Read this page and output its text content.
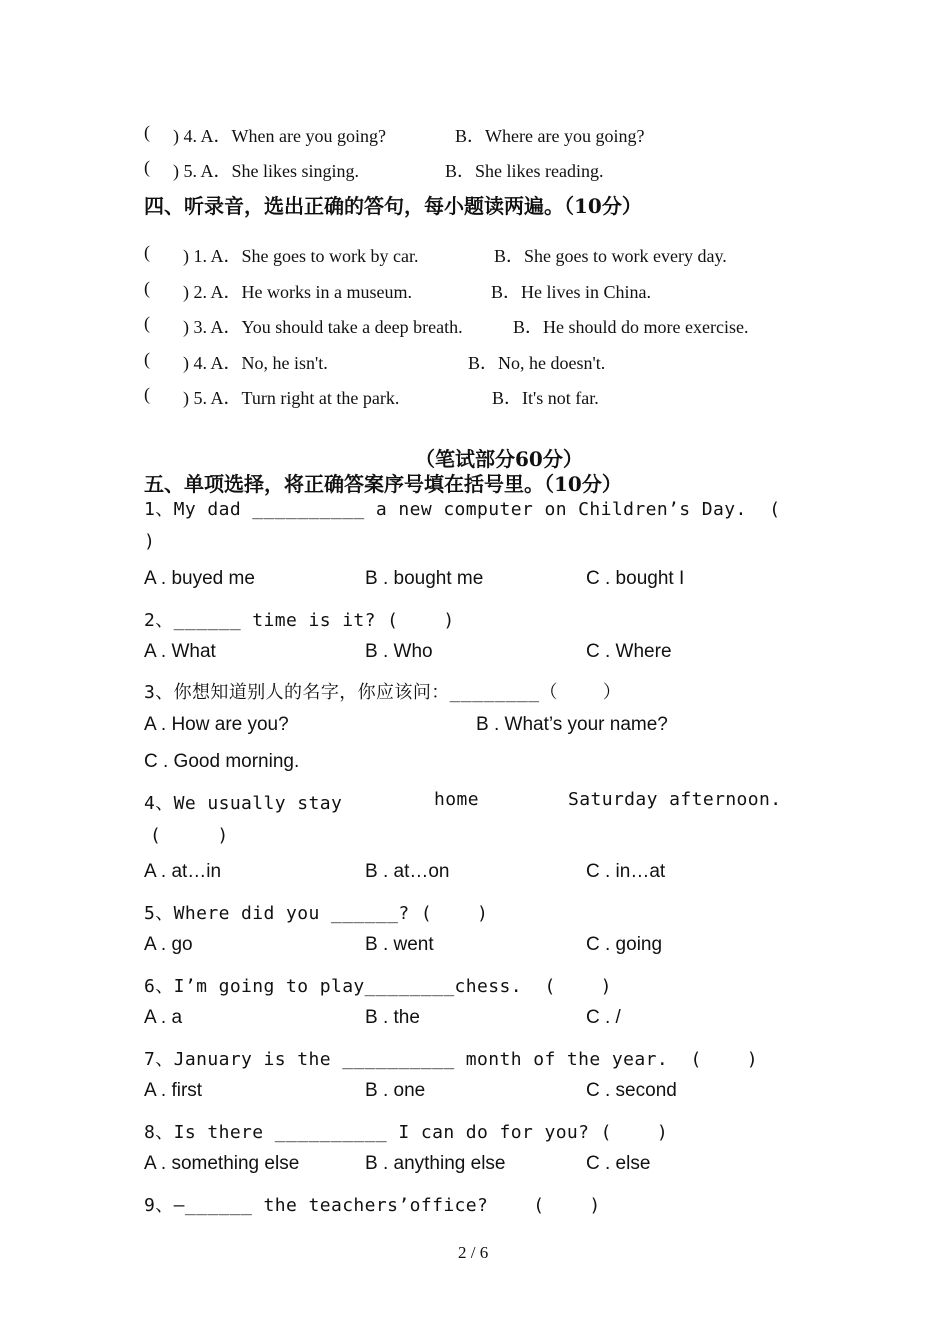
( ) 4. A．When are you going?	B．Where are you going?
( ) 5. A．She likes singing.	B．She likes reading.
四、听录音，选出正确的答句，每小题读两遍。（10分）
( ) 1. A．She goes to work by car.	B．She goes to work every day.
( ) 2. A．He works in a museum.	B．He lives in China.
( ) 3. A．You should take a deep breath.	B．He should do more exercise.
( ) 4. A．No, he isn't.	B．No, he doesn't.
( ) 5. A．Turn right at the park.	B．It's not far.
（笔试部分60分）
五、单项选择，将正确答案序号填在括号里。（10分）
1、My dad __________ a new computer on Children’s Day.  (
)
A . buyed me	B . bought me	C . bought I
2、______ time is it? (    )
A . What	B . Who	C . Where
3、你想知道别人的名字，你应该问：________（    ）
A . How are you?	B . What’s your name?
C . Good morning.
4、We usually stay	home	Saturday afternoon.
(     )
A . at…in	B . at…on	C . in…at
5、Where did you ______? (    )
A . go	B . went	C . going
6、I’m going to play________chess.  (    )
A . a	B . the	C . /
7、January is the __________ month of the year.  (    )
A . first	B . one	C . second
8、Is there __________ I can do for you? (    )
A . something else	B . anything else	C . else
9、—______ the teachers’office?    (    )
2 / 6
